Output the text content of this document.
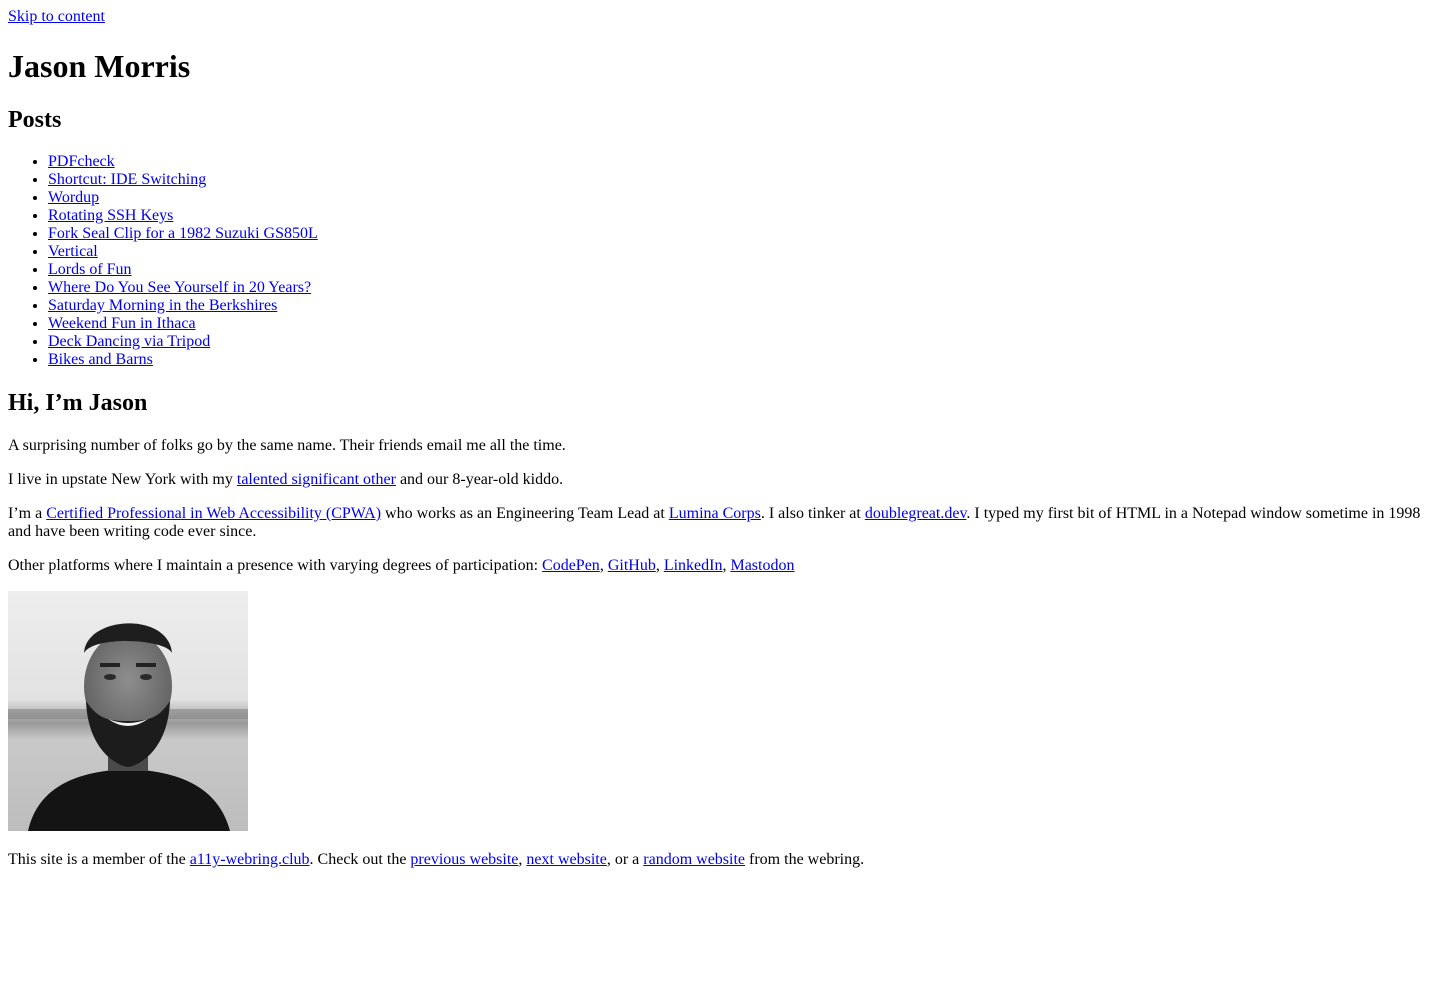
Skip to content
Jason Morris
Posts
• PDFcheck
• Shortcut: IDE Switching
• Wordup
• Rotating SSH Keys
• Fork Seal Clip for a 1982 Suzuki GS850L
• Vertical
• Lords of Fun
• Where Do You See Yourself in 20 Years?
• Saturday Morning in the Berkshires
• Weekend Fun in Ithaca
• Deck Dancing via Tripod
• Bikes and Barns
Hi, I’m Jason

A surprising number of folks go by the same name. Their friends email me all the time.

I live in upstate New York with my talented significant other and our 8-year-old kiddo.

I’m a Certified Professional in Web Accessibility (CPWA) who works as an Engineering Team Lead at Lumina Corps. I also tinker at doublegreat.dev. I typed my first bit of HTML in a Notepad window sometime in 1998 and have been writing code ever since.

Other platforms where I maintain a presence with varying degrees of participation: CodePen, GitHub, LinkedIn, Mastodon

This site is a member of the a11y-webring.club. Check out the previous website, next website, or a random website from the webring.
